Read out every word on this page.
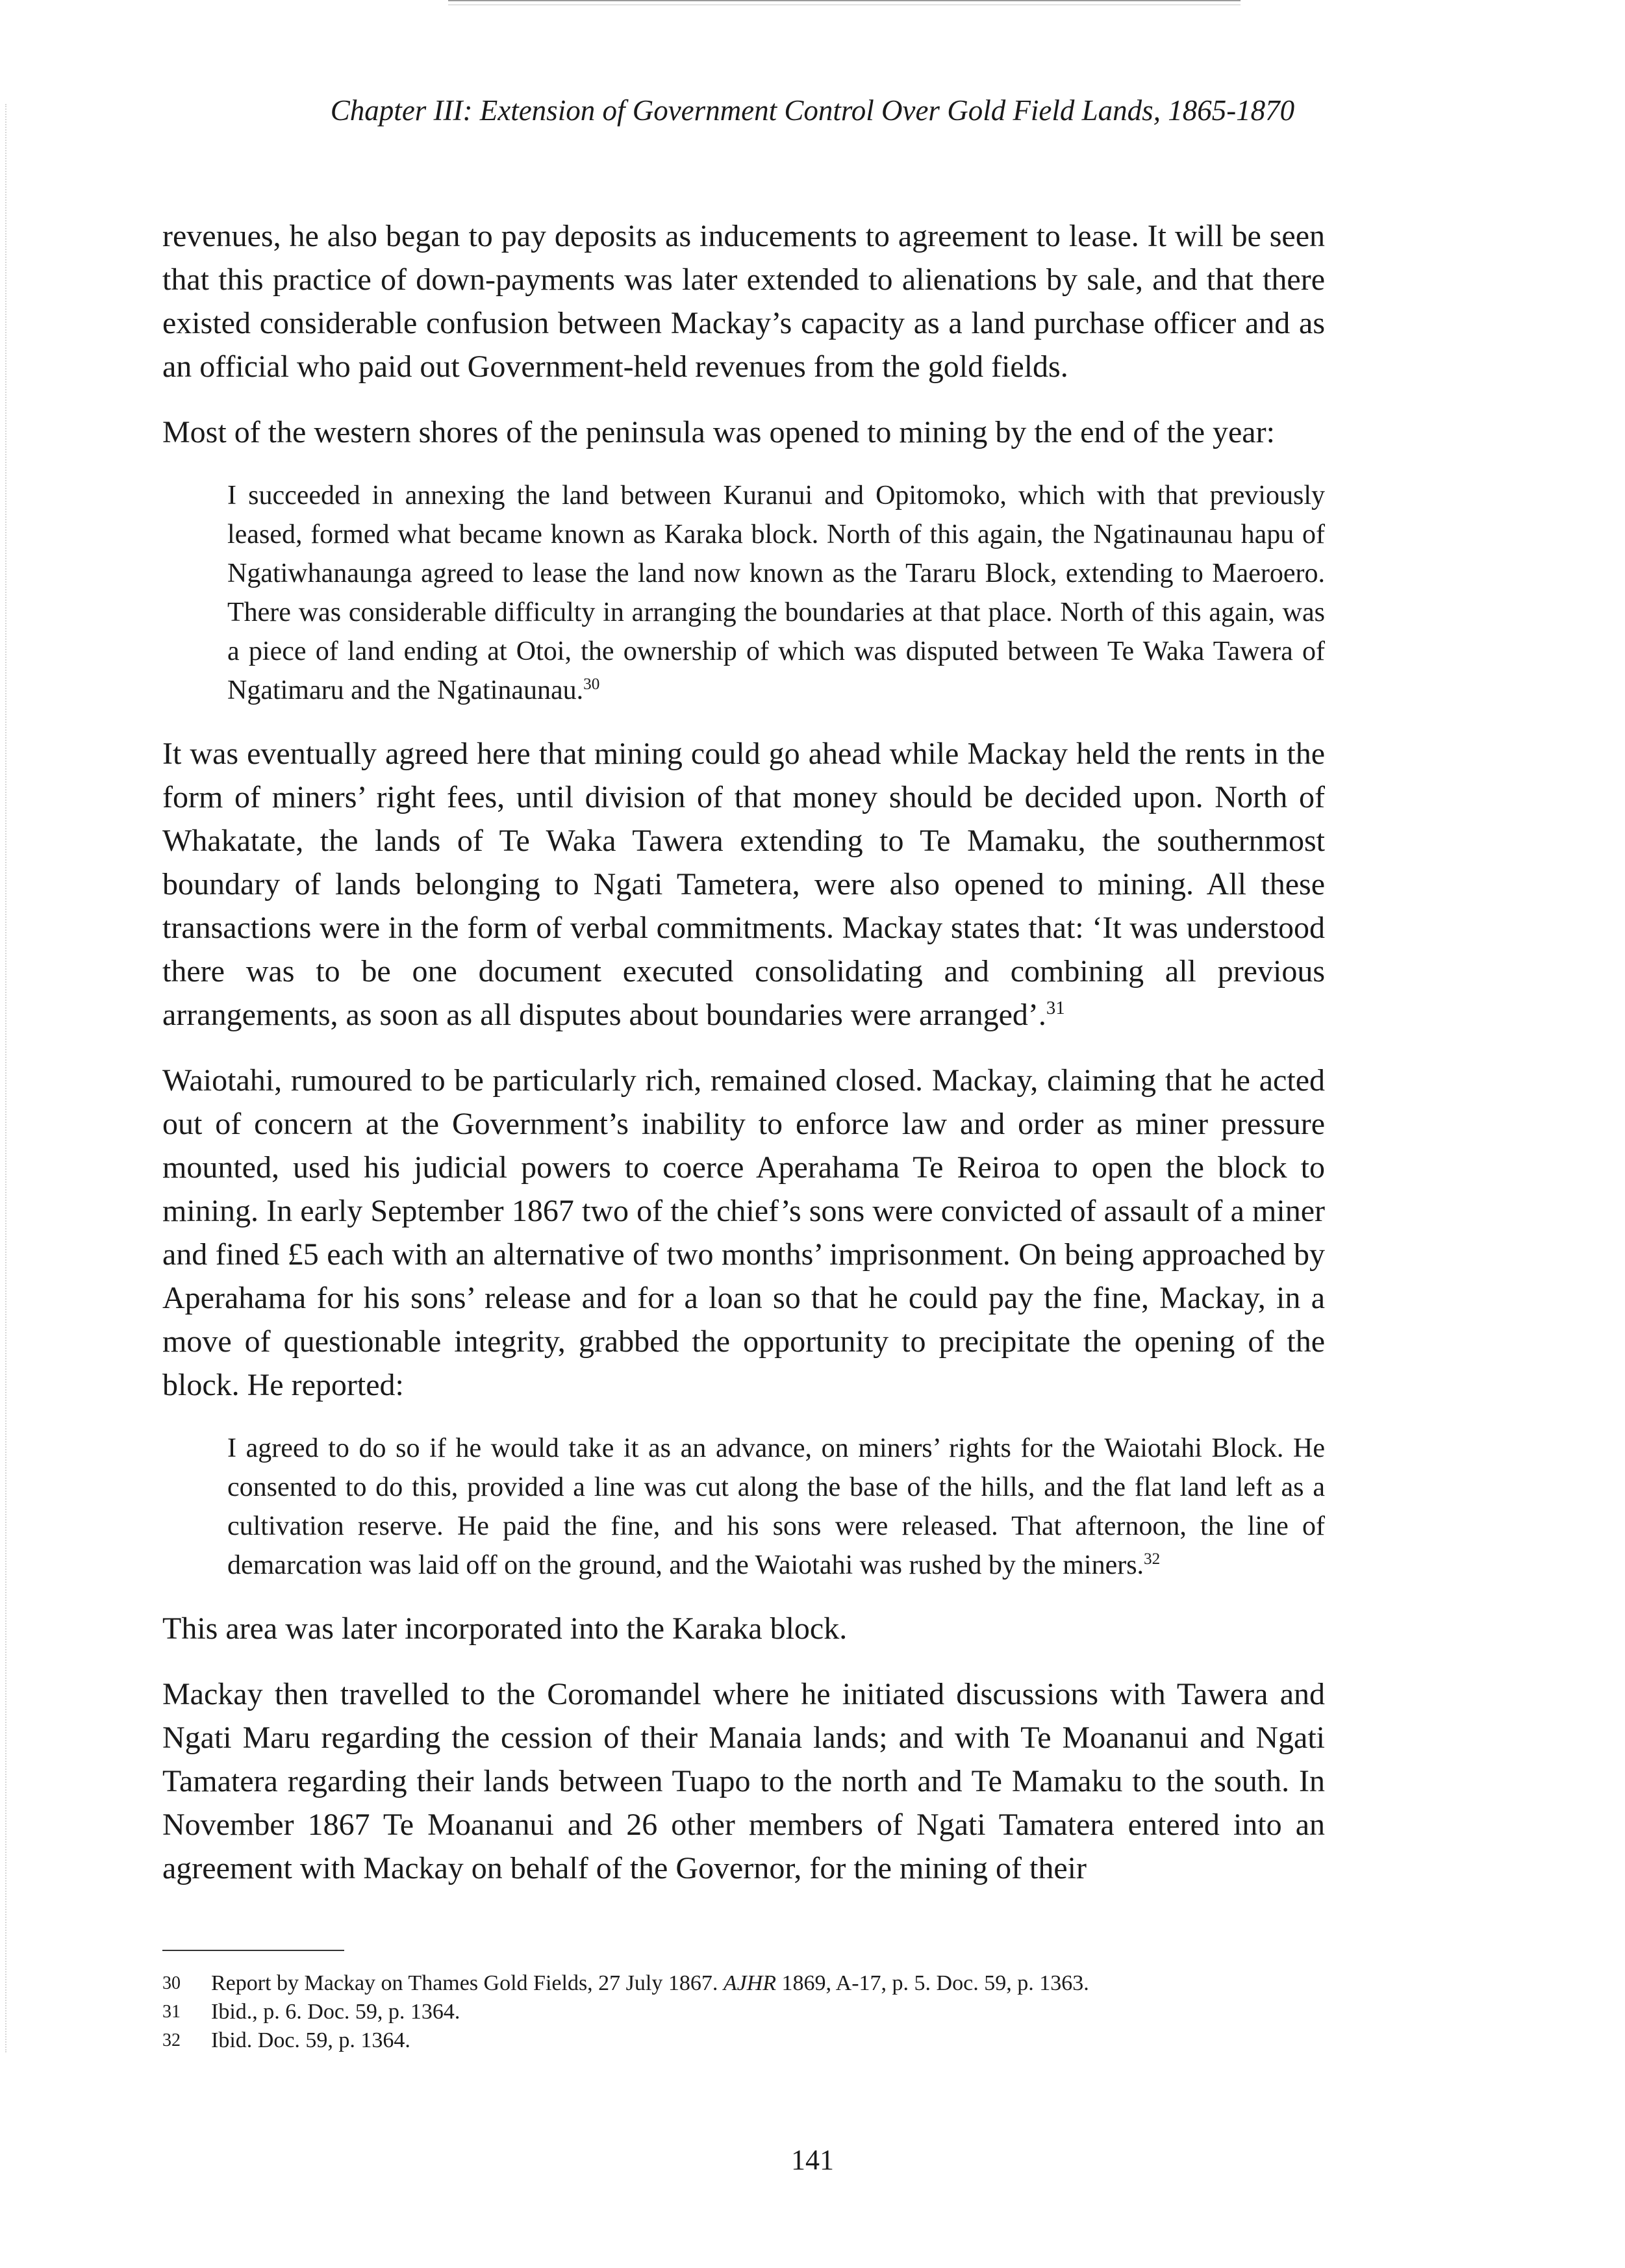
Chapter III: Extension of Government Control Over Gold Field Lands, 1865-1870

revenues, he also began to pay deposits as inducements to agreement to lease. It will be seen that this practice of down-payments was later extended to alienations by sale, and that there existed considerable confusion between Mackay’s capacity as a land purchase officer and as an official who paid out Government-held revenues from the gold fields.

Most of the western shores of the peninsula was opened to mining by the end of the year:

I succeeded in annexing the land between Kuranui and Opitomoko, which with that previously leased, formed what became known as Karaka block. North of this again, the Ngatinaunau hapu of Ngatiwhanaunga agreed to lease the land now known as the Tararu Block, extending to Maeroero. There was considerable difficulty in arranging the boundaries at that place. North of this again, was a piece of land ending at Otoi, the ownership of which was disputed between Te Waka Tawera of Ngatimaru and the Ngatinaunau.$^{30}$

It was eventually agreed here that mining could go ahead while Mackay held the rents in the form of miners’ right fees, until division of that money should be decided upon. North of Whakatate, the lands of Te Waka Tawera extending to Te Mamaku, the southernmost boundary of lands belonging to Ngati Tametera, were also opened to mining. All these transactions were in the form of verbal commitments. Mackay states that: ‘It was understood there was to be one document executed consolidating and combining all previous arrangements, as soon as all disputes about boundaries were arranged’.$^{31}$

Waiotahi, rumoured to be particularly rich, remained closed. Mackay, claiming that he acted out of concern at the Government’s inability to enforce law and order as miner pressure mounted, used his judicial powers to coerce Aperahama Te Reiroa to open the block to mining. In early September 1867 two of the chief’s sons were convicted of assault of a miner and fined £5 each with an alternative of two months’ imprisonment. On being approached by Aperahama for his sons’ release and for a loan so that he could pay the fine, Mackay, in a move of questionable integrity, grabbed the opportunity to precipitate the opening of the block. He reported:

I agreed to do so if he would take it as an advance, on miners’ rights for the Waiotahi Block. He consented to do this, provided a line was cut along the base of the hills, and the flat land left as a cultivation reserve. He paid the fine, and his sons were released. That afternoon, the line of demarcation was laid off on the ground, and the Waiotahi was rushed by the miners.$^{32}$

This area was later incorporated into the Karaka block.

Mackay then travelled to the Coromandel where he initiated discussions with Tawera and Ngati Maru regarding the cession of their Manaia lands; and with Te Moananui and Ngati Tamatera regarding their lands between Tuapo to the north and Te Mamaku to the south. In November 1867 Te Moananui and 26 other members of Ngati Tamatera entered into an agreement with Mackay on behalf of the Governor, for the mining of their

30	Report by Mackay on Thames Gold Fields, 27 July 1867. AJHR 1869, A-17, p. 5. Doc. 59, p. 1363.
31	Ibid., p. 6. Doc. 59, p. 1364.
32	Ibid. Doc. 59, p. 1364.
141
